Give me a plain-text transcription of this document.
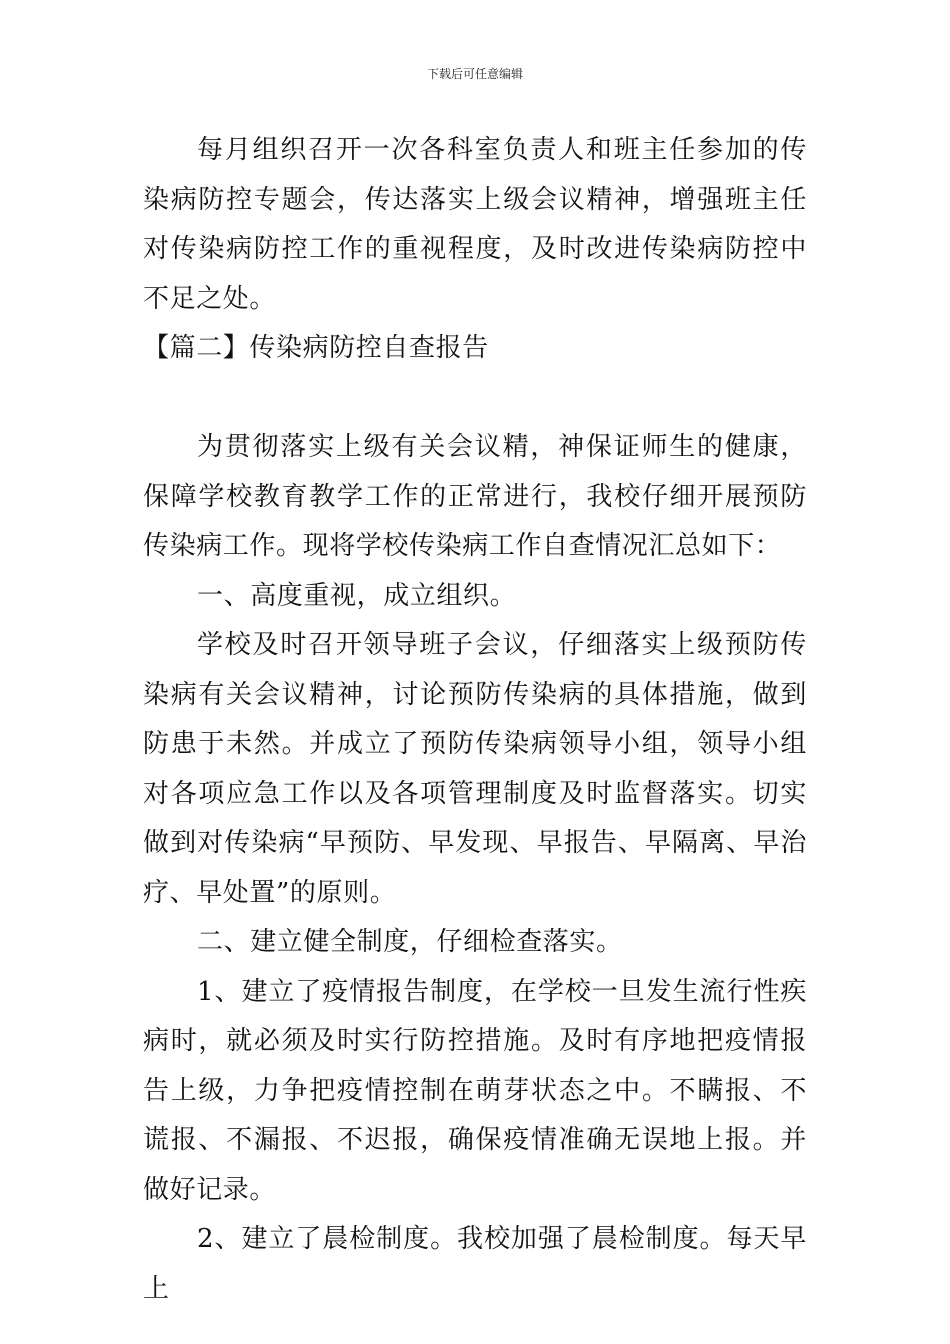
下载后可任意编辑

每月组织召开一次各科室负责人和班主任参加的传染病防控专题会，传达落实上级会议精神，增强班主任对传染病防控工作的重视程度，及时改进传染病防控中不足之处。

【篇二】传染病防控自查报告

为贯彻落实上级有关会议精，神保证师生的健康，保障学校教育教学工作的正常进行，我校仔细开展预防传染病工作。现将学校传染病工作自查情况汇总如下：

一、高度重视，成立组织。

学校及时召开领导班子会议，仔细落实上级预防传染病有关会议精神，讨论预防传染病的具体措施，做到防患于未然。并成立了预防传染病领导小组，领导小组对各项应急工作以及各项管理制度及时监督落实。切实做到对传染病“早预防、早发现、早报告、早隔离、早治疗、早处置”的原则。

二、建立健全制度，仔细检查落实。

1、建立了疫情报告制度，在学校一旦发生流行性疾病时，就必须及时实行防控措施。及时有序地把疫情报告上级，力争把疫情控制在萌芽状态之中。不瞒报、不谎报、不漏报、不迟报，确保疫情准确无误地上报。并做好记录。

2、建立了晨检制度。我校加强了晨检制度。每天早上
